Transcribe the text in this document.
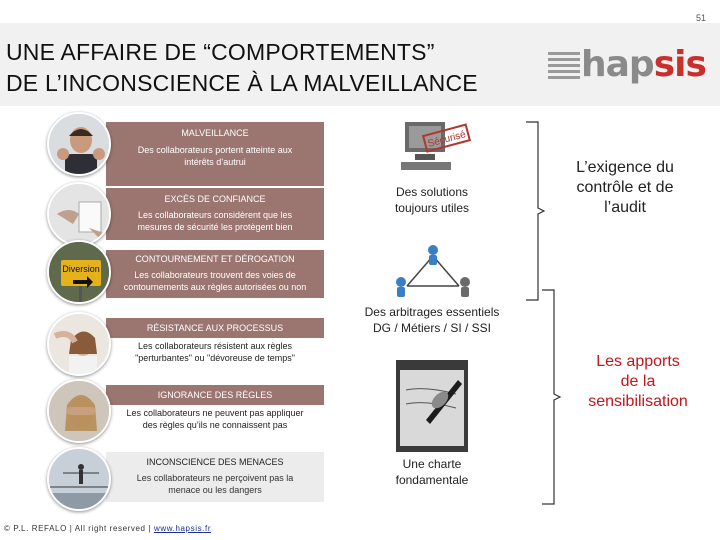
51
UNE AFFAIRE DE “COMPORTEMENTS”
DE L’INCONSCIENCE À LA MALVEILLANCE	hapsis
MALVEILLANCE
Des collaborateurs portent atteinte aux
intérêts d’autrui
EXCÈS DE CONFIANCE
Les collaborateurs considèrent que les
mesures de sécurité les protègent bien
CONTOURNEMENT ET DÉROGATION
Les collaborateurs trouvent des voies de
contournements aux règles autorisées ou non
RÉSISTANCE AUX PROCESSUS
Les collaborateurs résistent aux règles
"perturbantes" ou "dévoreuse de temps"
IGNORANCE DES RÈGLES
Les collaborateurs ne peuvent pas appliquer
des règles qu’ils ne connaissent pas
INCONSCIENCE DES MENACES
Les collaborateurs ne perçoivent pas la
menace ou les dangers
Diversion
Sécurisé
Des solutions
toujours utiles
Des arbitrages essentiels
DG / Métiers / SI / SSI
Une charte
fondamentale
L’exigence du
contrôle et de
l’audit
Les apports
de la
sensibilisation
© P.L. REFALO | All right reserved | www.hapsis.fr
